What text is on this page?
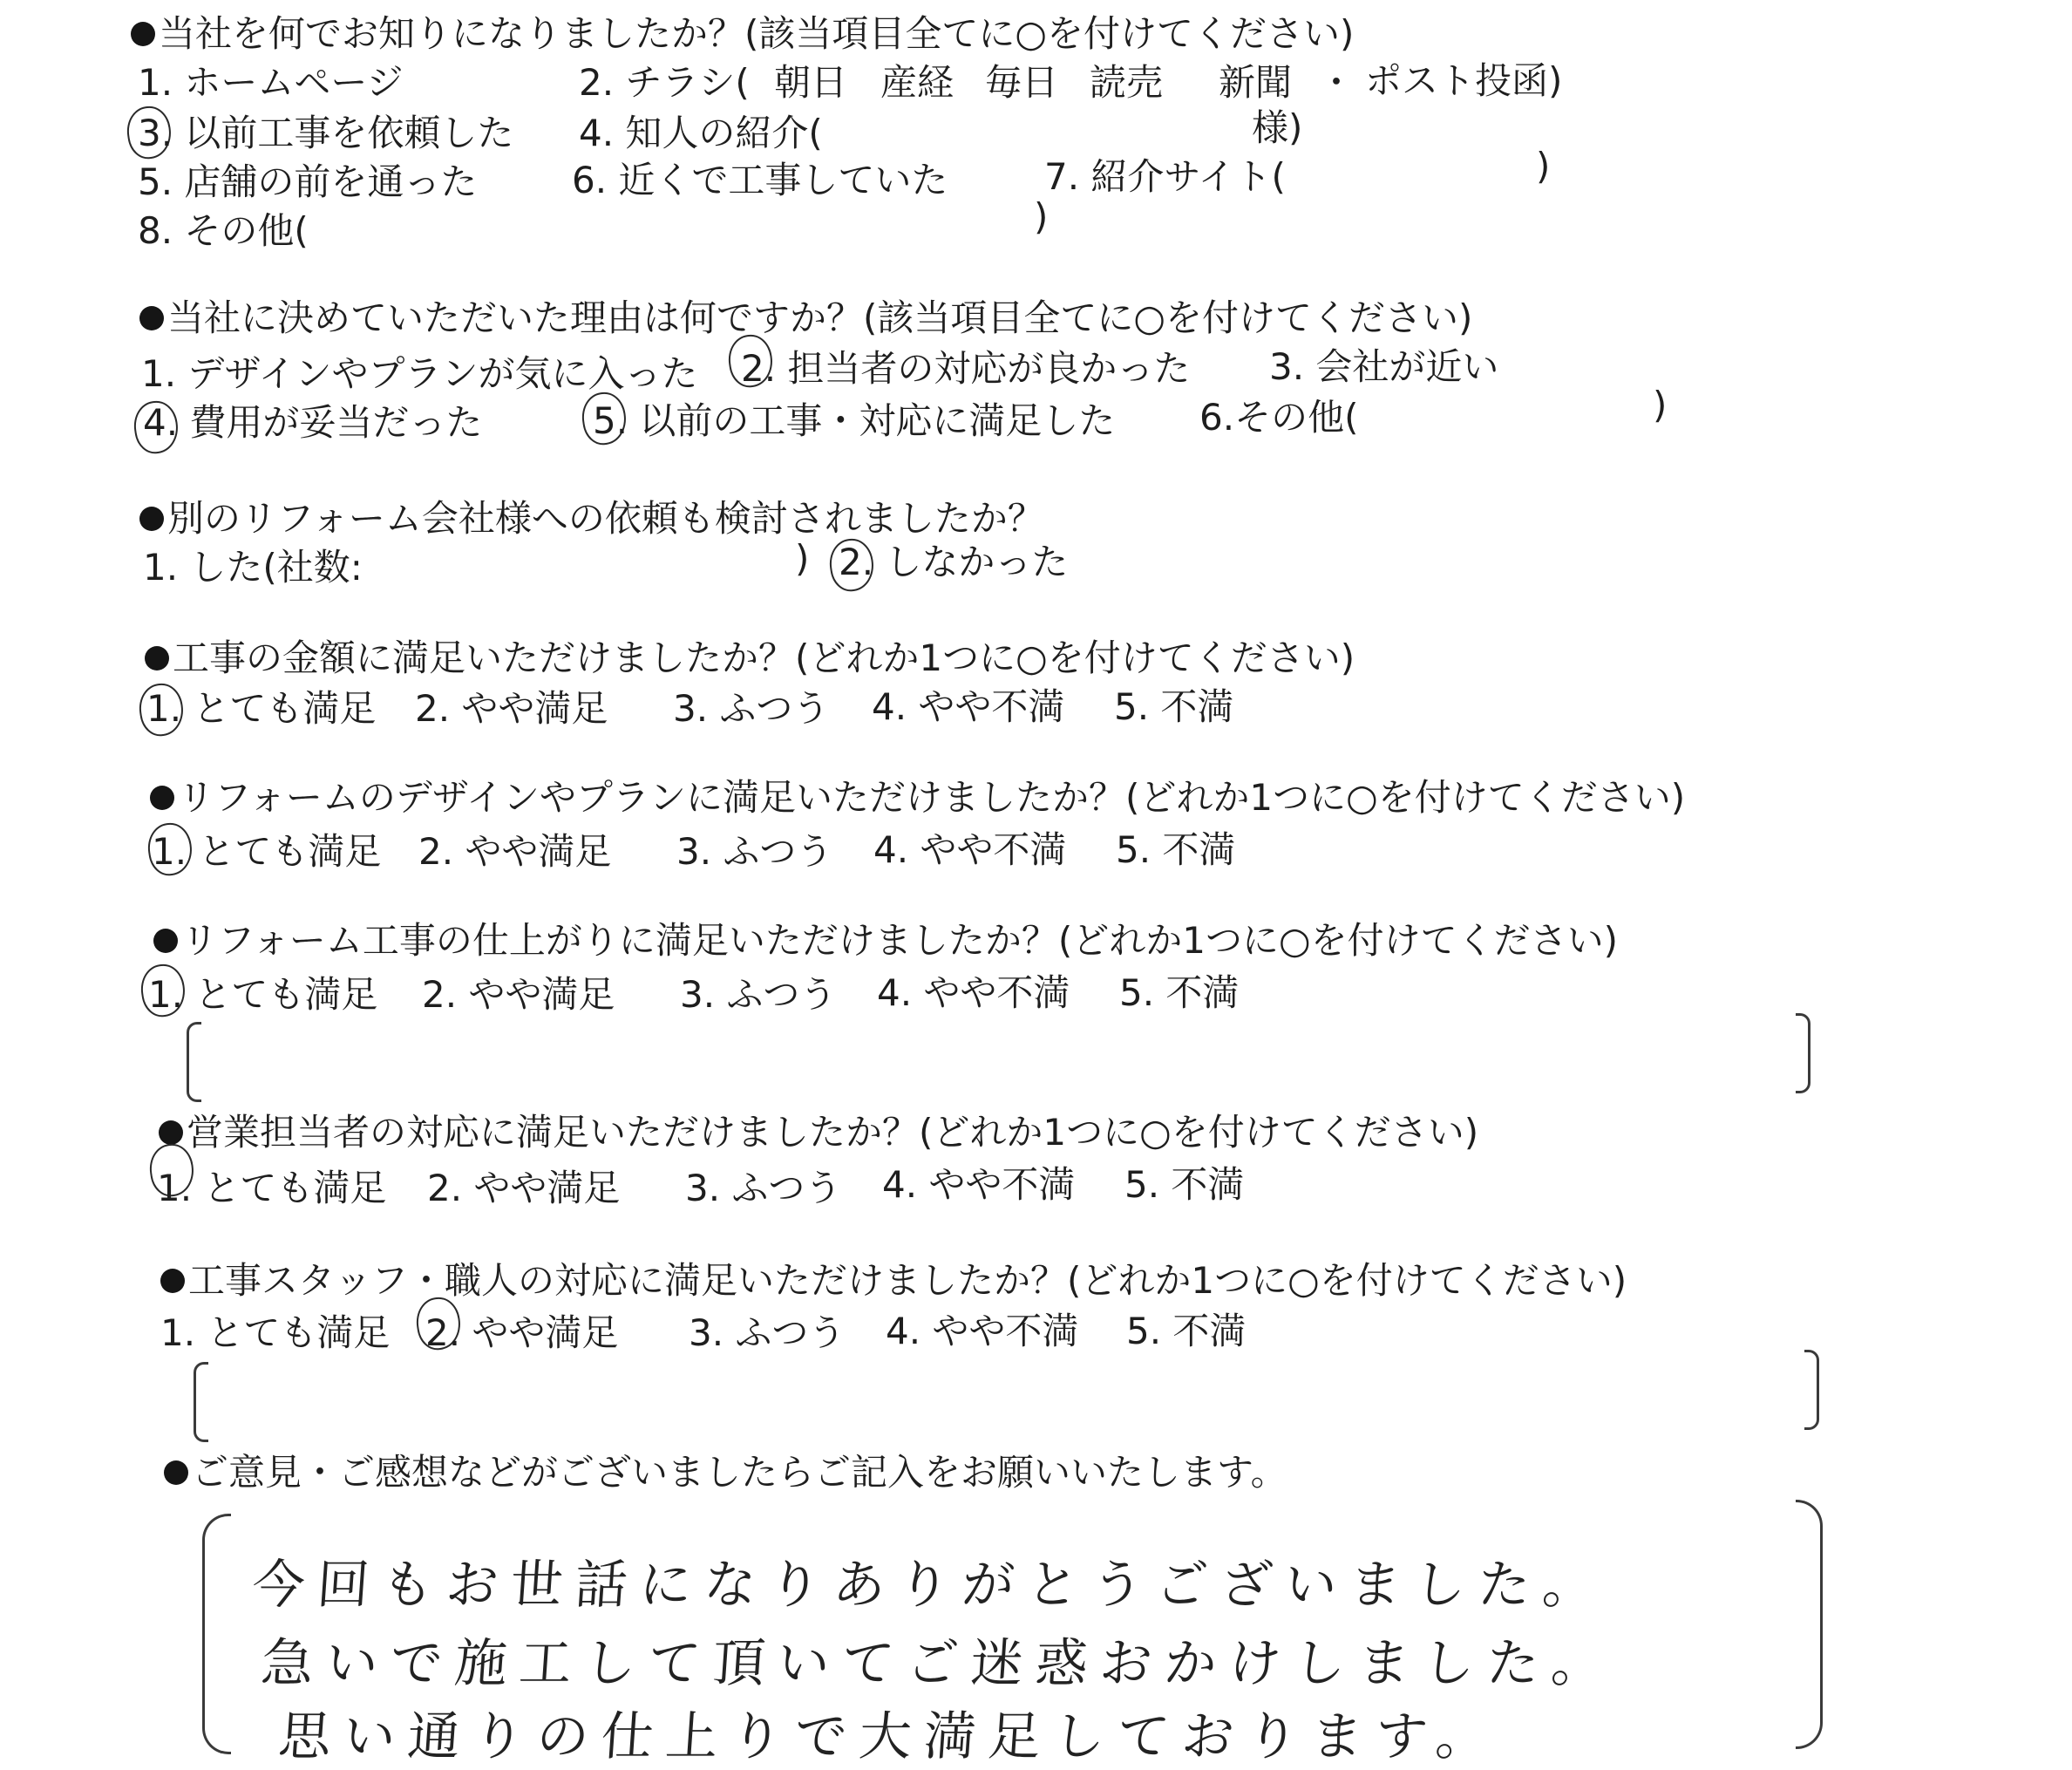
当社を何でお知りになりましたか？(該当項目全てに○を付けてください)
1. ホームページ	2. チラシ( 朝日 産経 毎日 読売 新聞 ・ ポスト投函)
3. 以前工事を依頼した 4. 知人の紹介(	様)
5. 店舗の前を通った	6. 近くで工事していた	7. 紹介サイト(	)
8. その他(	)
当社に決めていただいた理由は何ですか？(該当項目全てに○を付けてください)
1. デザインやプランが気に入った 2. 担当者の対応が良かった 3. 会社が近い
4. 費用が妥当だった	5. 以前の工事・対応に満足した 6.その他(	)
別のリフォーム会社様への依頼も検討されましたか？
1. した(社数:	) 2. しなかった
工事の金額に満足いただけましたか？(どれか1つに○を付けてください)
1. とても満足 2. やや満足 3. ふつう 4. やや不満 5. 不満
リフォームのデザインやプランに満足いただけましたか？(どれか1つに○を付けてください)
1. とても満足 2. やや満足 3. ふつう 4. やや不満 5. 不満
リフォーム工事の仕上がりに満足いただけましたか？(どれか1つに○を付けてください)
1. とても満足 2. やや満足 3. ふつう 4. やや不満 5. 不満
営業担当者の対応に満足いただけましたか？(どれか1つに○を付けてください)
1. とても満足 2. やや満足 3. ふつう 4. やや不満 5. 不満
工事スタッフ・職人の対応に満足いただけましたか？(どれか1つに○を付けてください)
1. とても満足 2. やや満足 3. ふつう 4. やや不満 5. 不満
ご意見・ご感想などがございましたらご記入をお願いいたします。
今回もお世話になりありがとうございました。
急いで施工して頂いてご迷惑おかけしました。
思い通りの仕上りで大満足しております。
